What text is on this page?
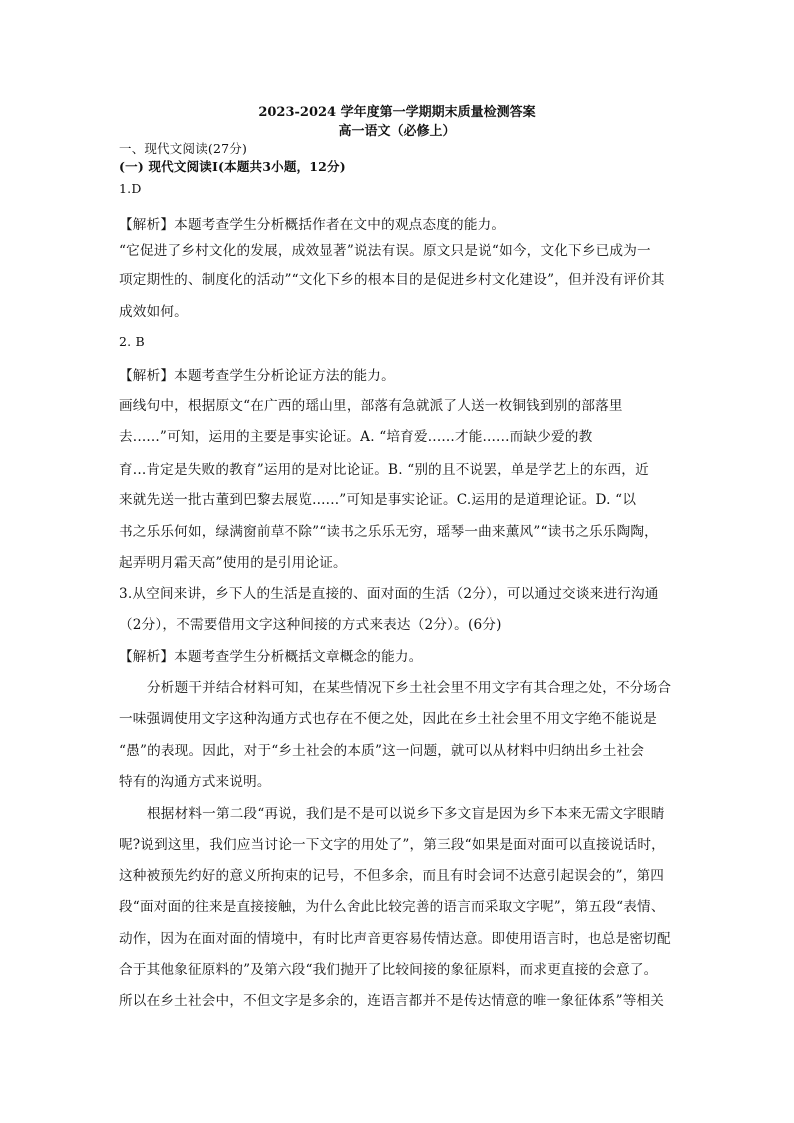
2023-2024 学年度第一学期期末质量检测答案
高一语文（必修上）
一、现代文阅读(27分)
(一) 现代文阅读Ⅰ(本题共3小题，12分)
1.D
【解析】本题考查学生分析概括作者在文中的观点态度的能力。
“它促进了乡村文化的发展，成效显著”说法有误。原文只是说“如今，文化下乡已成为一
项定期性的、制度化的活动”“文化下乡的根本目的是促进乡村文化建设”，但并没有评价其
成效如何。
2. B
【解析】本题考查学生分析论证方法的能力。
画线句中，根据原文“在广西的瑶山里，部落有急就派了人送一枚铜钱到别的部落里
去......”可知，运用的主要是事实论证。A. “培育爱......才能......而缺少爱的教
育...肯定是失败的教育”运用的是对比论证。B. “别的且不说罢，单是学艺上的东西，近
来就先送一批古董到巴黎去展览......”可知是事实论证。C.运用的是道理论证。D. “以
书之乐乐何如，绿满窗前草不除”“读书之乐乐无穷，瑶琴一曲来薰风”“读书之乐乐陶陶，
起弄明月霜天高”使用的是引用论证。
3.从空间来讲，乡下人的生活是直接的、面对面的生活（2分），可以通过交谈来进行沟通
（2分），不需要借用文字这种间接的方式来表达（2分）。(6分)
【解析】本题考查学生分析概括文章概念的能力。
分析题干并结合材料可知，在某些情况下乡土社会里不用文字有其合理之处，不分场合
一味强调使用文字这种沟通方式也存在不便之处，因此在乡土社会里不用文字绝不能说是
“愚”的表现。因此，对于“乡土社会的本质”这一问题，就可以从材料中归纳出乡土社会
特有的沟通方式来说明。
根据材料一第二段“再说，我们是不是可以说乡下多文盲是因为乡下本来无需文字眼睛
呢?说到这里，我们应当讨论一下文字的用处了”，第三段“如果是面对面可以直接说话时，
这种被预先约好的意义所拘束的记号，不但多余，而且有时会词不达意引起误会的”，第四
段“面对面的往来是直接接触，为什么舍此比较完善的语言而采取文字呢”，第五段“表情、
动作，因为在面对面的情境中，有时比声音更容易传情达意。即使用语言时，也总是密切配
合于其他象征原料的”及第六段“我们抛开了比较间接的象征原料，而求更直接的会意了。
所以在乡土社会中，不但文字是多余的，连语言都并不是传达情意的唯一象征体系”等相关
